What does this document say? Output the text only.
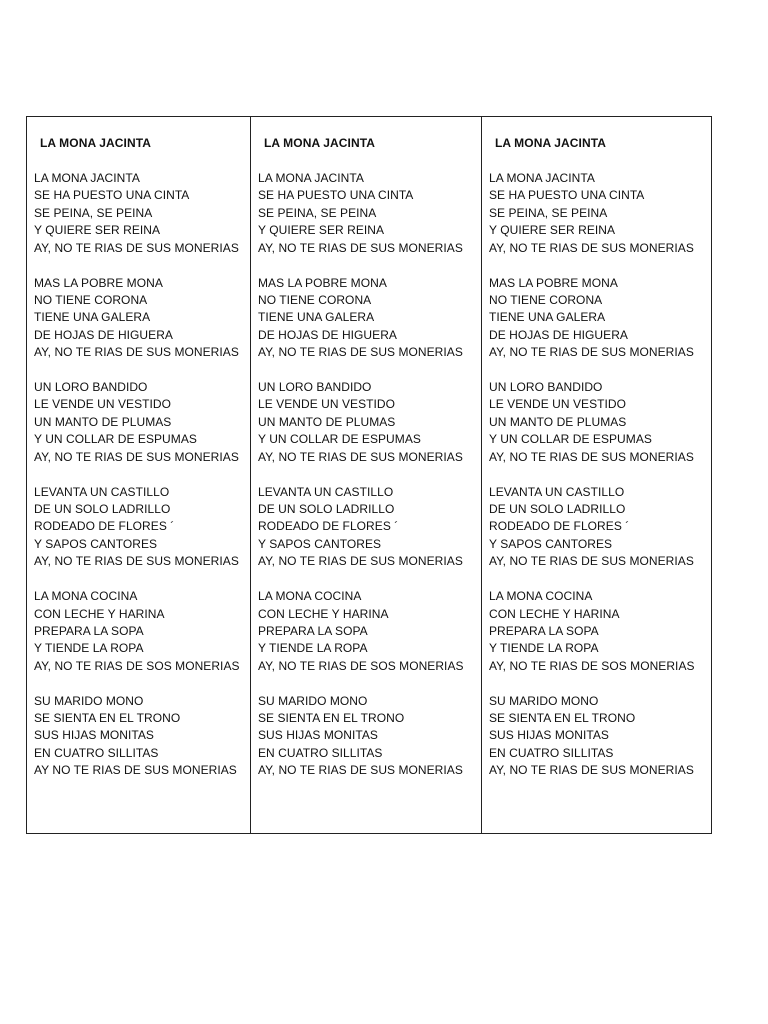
LA MONA JACINTA
LA MONA JACINTA
SE HA PUESTO UNA CINTA
SE PEINA, SE PEINA
Y QUIERE SER REINA
AY, NO TE RIAS DE SUS MONERIAS
MAS LA POBRE MONA
NO TIENE CORONA
TIENE UNA GALERA
DE HOJAS DE HIGUERA
AY, NO TE RIAS DE SUS MONERIAS
UN LORO BANDIDO
LE VENDE UN VESTIDO
UN MANTO DE PLUMAS
Y UN COLLAR DE ESPUMAS
AY, NO TE RIAS DE SUS MONERIAS
LEVANTA UN CASTILLO
DE UN SOLO LADRILLO
RODEADO DE FLORES ´
Y SAPOS CANTORES
AY, NO TE RIAS DE SUS MONERIAS
LA MONA COCINA
CON LECHE Y HARINA
PREPARA LA SOPA
Y TIENDE LA ROPA
AY, NO TE RIAS DE SOS MONERIAS
SU MARIDO MONO
SE SIENTA EN EL TRONO
SUS HIJAS MONITAS
EN CUATRO SILLITAS
AY NO TE RIAS DE SUS MONERIAS
LA MONA JACINTA
LA MONA JACINTA
SE HA PUESTO UNA CINTA
SE PEINA, SE PEINA
Y QUIERE SER REINA
AY, NO TE RIAS DE SUS MONERIAS
MAS LA POBRE MONA
NO TIENE CORONA
TIENE UNA GALERA
DE HOJAS DE HIGUERA
AY, NO TE RIAS DE SUS MONERIAS
UN LORO BANDIDO
LE VENDE UN VESTIDO
UN MANTO DE PLUMAS
Y UN COLLAR DE ESPUMAS
AY, NO TE RIAS DE SUS MONERIAS
LEVANTA UN CASTILLO
DE UN SOLO LADRILLO
RODEADO DE FLORES ´
Y SAPOS CANTORES
AY, NO TE RIAS DE SUS MONERIAS
LA MONA COCINA
CON LECHE Y HARINA
PREPARA LA SOPA
Y TIENDE LA ROPA
AY, NO TE RIAS DE SOS MONERIAS
SU MARIDO MONO
SE SIENTA EN EL TRONO
SUS HIJAS MONITAS
EN CUATRO SILLITAS
AY, NO TE RIAS DE SUS MONERIAS
LA MONA JACINTA
LA MONA JACINTA
SE HA PUESTO UNA CINTA
SE PEINA, SE PEINA
Y QUIERE SER REINA
AY, NO TE RIAS DE SUS MONERIAS
MAS LA POBRE MONA
NO TIENE CORONA
TIENE UNA GALERA
DE HOJAS DE HIGUERA
AY, NO TE RIAS DE SUS MONERIAS
UN LORO BANDIDO
LE VENDE UN VESTIDO
UN MANTO DE PLUMAS
Y UN COLLAR DE ESPUMAS
AY, NO TE RIAS DE SUS MONERIAS
LEVANTA UN CASTILLO
DE UN SOLO LADRILLO
RODEADO DE FLORES ´
Y SAPOS CANTORES
AY, NO TE RIAS DE SUS MONERIAS
LA MONA COCINA
CON LECHE Y HARINA
PREPARA LA SOPA
Y TIENDE LA ROPA
AY, NO TE RIAS DE SOS MONERIAS
SU MARIDO MONO
SE SIENTA EN EL TRONO
SUS HIJAS MONITAS
EN CUATRO SILLITAS
AY, NO TE RIAS DE SUS MONERIAS
